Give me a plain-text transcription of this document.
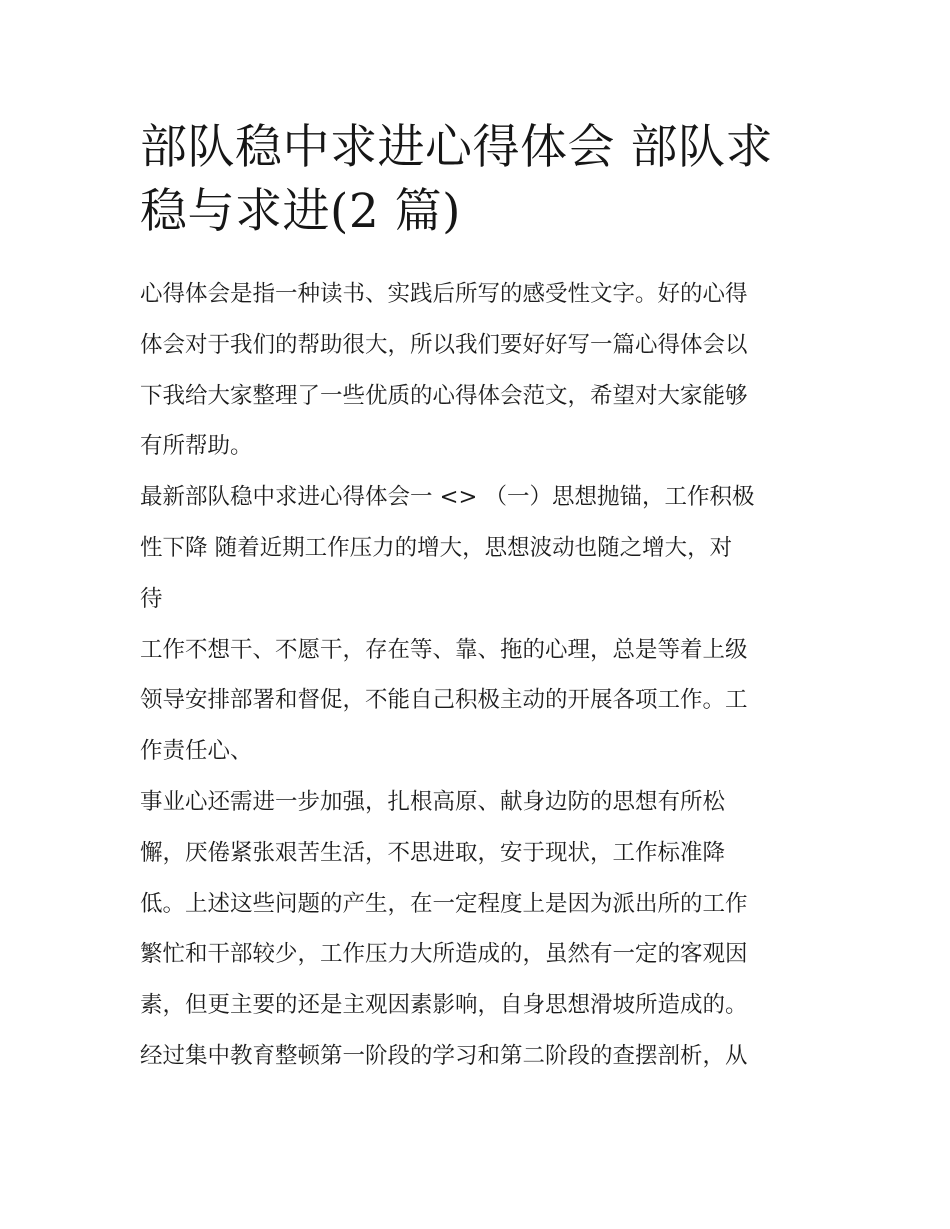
部队稳中求进心得体会 部队求
稳与求进(2 篇)
心得体会是指一种读书、实践后所写的感受性文字。好的心得
体会对于我们的帮助很大，所以我们要好好写一篇心得体会以
下我给大家整理了一些优质的心得体会范文，希望对大家能够
有所帮助。
最新部队稳中求进心得体会一 <> （一）思想抛锚，工作积极
性下降 随着近期工作压力的增大，思想波动也随之增大，对
待
工作不想干、不愿干，存在等、靠、拖的心理，总是等着上级
领导安排部署和督促，不能自己积极主动的开展各项工作。工
作责任心、
事业心还需进一步加强，扎根高原、献身边防的思想有所松
懈，厌倦紧张艰苦生活，不思进取，安于现状，工作标准降
低。上述这些问题的产生，在一定程度上是因为派出所的工作
繁忙和干部较少，工作压力大所造成的，虽然有一定的客观因
素，但更主要的还是主观因素影响，自身思想滑坡所造成的。
经过集中教育整顿第一阶段的学习和第二阶段的查摆剖析，从
